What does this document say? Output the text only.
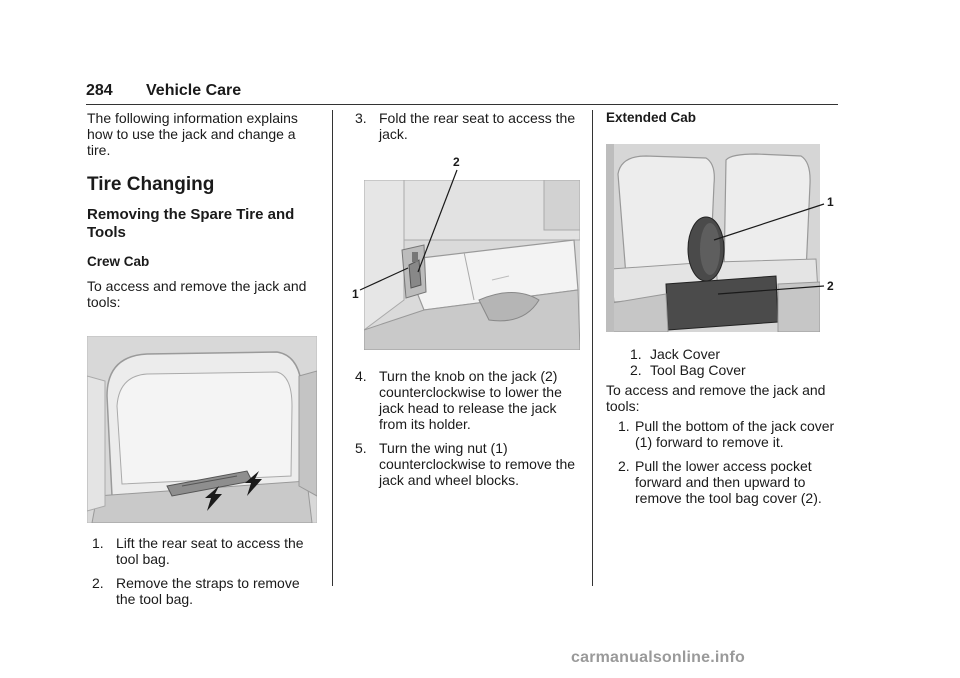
284 Vehicle Care

The following information explains how to use the jack and change a tire.

Tire Changing

Removing the Spare Tire and Tools

Crew Cab

To access and remove the jack and tools:

1. Lift the rear seat to access the tool bag.
2. Remove the straps to remove the tool bag.
3. Fold the rear seat to access the jack.
2
1
4. Turn the knob on the jack (2) counterclockwise to lower the jack head to release the jack from its holder.
5. Turn the wing nut (1) counterclockwise to remove the jack and wheel blocks.

Extended Cab

1
2
1. Jack Cover
2. Tool Bag Cover

To access and remove the jack and tools:

1. Pull the bottom of the jack cover (1) forward to remove it.
2. Pull the lower access pocket forward and then upward to remove the tool bag cover (2).
carmanualsonline.info
